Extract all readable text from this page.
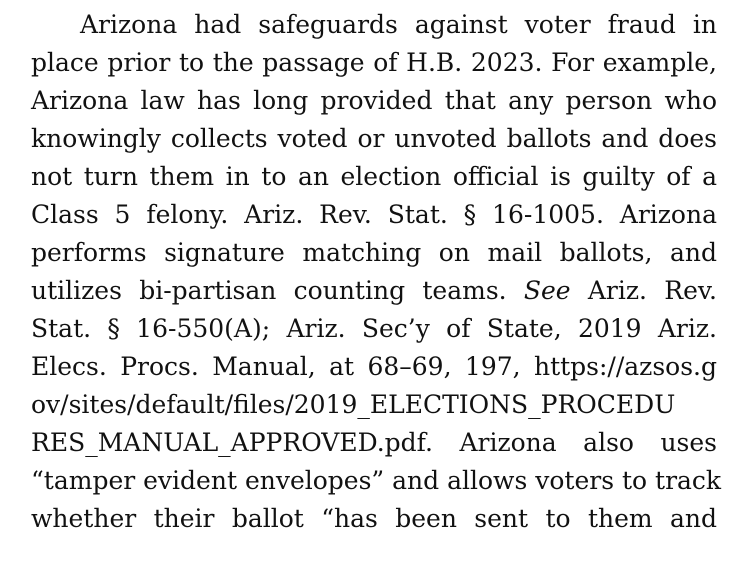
Arizona had safeguards against voter fraud in
place prior to the passage of H.B. 2023. For example,
Arizona law has long provided that any person who
knowingly collects voted or unvoted ballots and does
not turn them in to an election official is guilty of a
Class 5 felony. Ariz. Rev. Stat. § 16-1005. Arizona
performs signature matching on mail ballots, and
utilizes bi-partisan counting teams. See Ariz. Rev.
Stat. § 16-550(A); Ariz. Sec’y of State, 2019 Ariz.
Elecs. Procs. Manual, at 68–69, 197, https://azsos.g
ov/sites/default/files/2019_ELECTIONS_PROCEDU
RES_MANUAL_APPROVED.pdf. Arizona also uses
“tamper evident envelopes” and allows voters to track
whether their ballot “has been sent to them and
